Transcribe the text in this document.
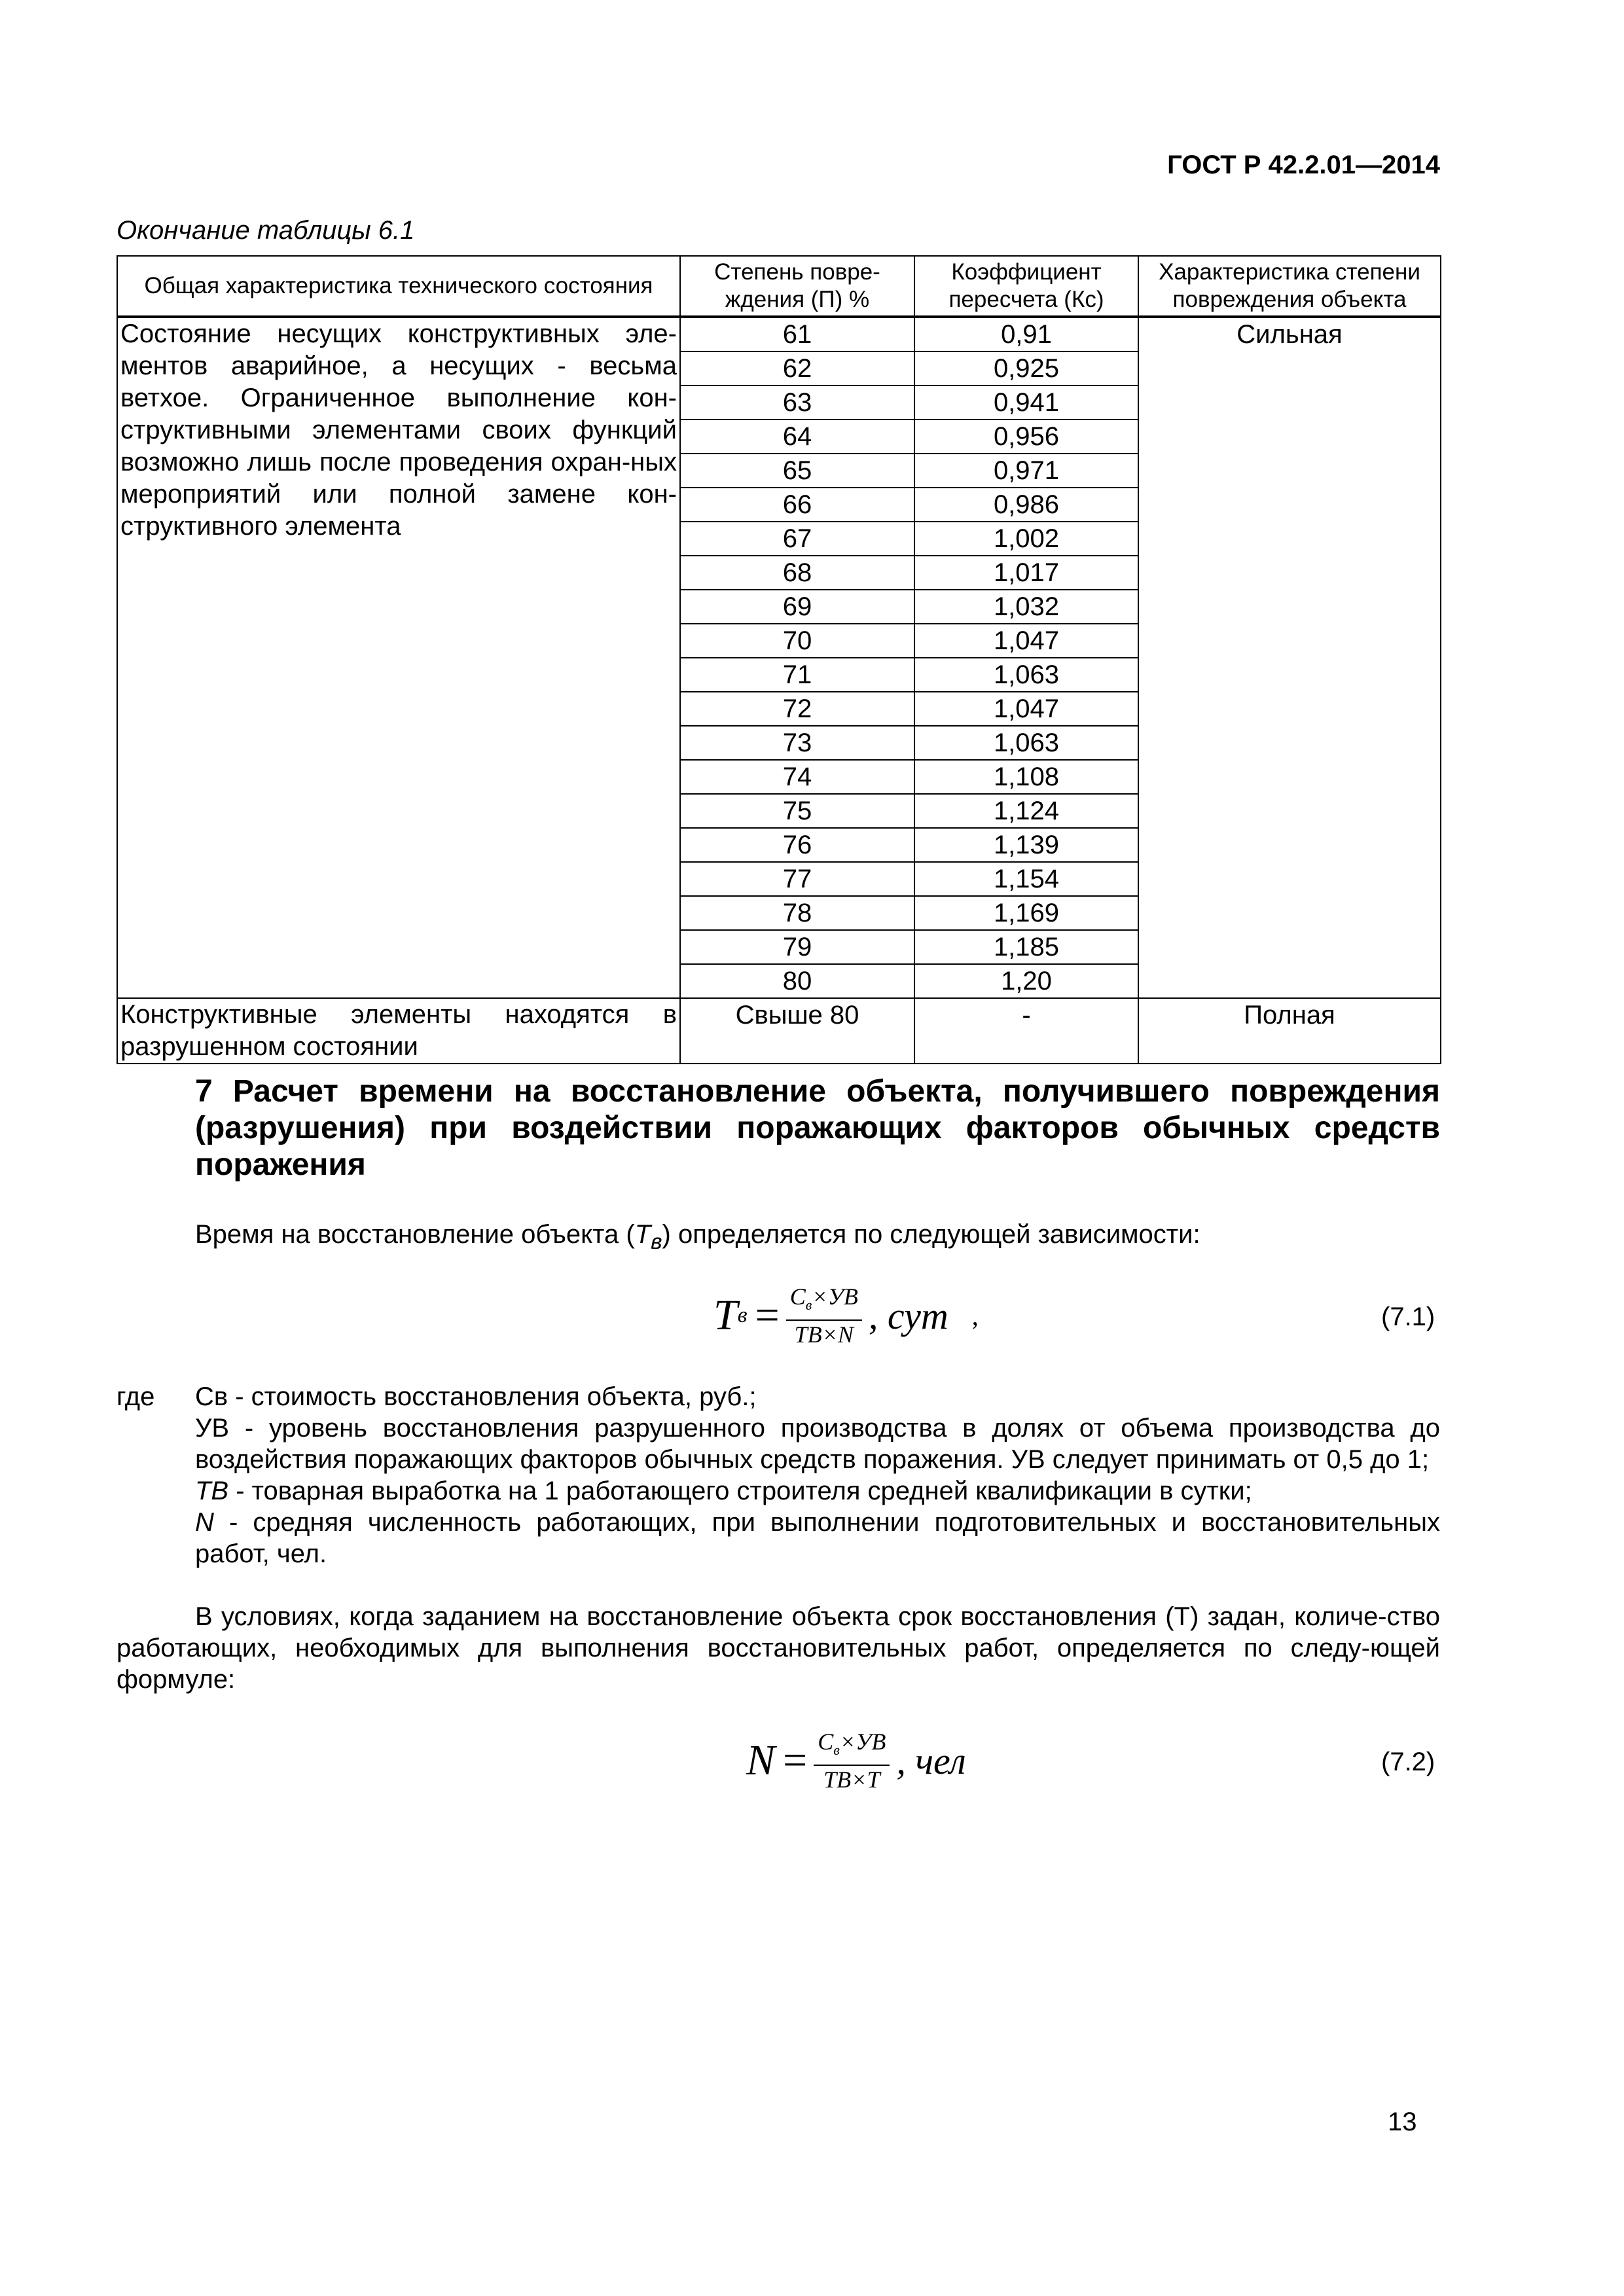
ГОСТ Р 42.2.01—2014
Окончание таблицы 6.1
Общая характеристика технического состояния	Степень повре-ждения (П) %	Коэффициент пересчета (Кс)	Характеристика степени повреждения объекта
Состояние несущих конструктивных эле-ментов аварийное, а несущих - весьма ветхое. Ограниченное выполнение кон-структивными элементами своих функций возможно лишь после проведения охран-ных мероприятий или полной замене кон-структивного элемента	61	0,91	Сильная
	62	0,925	
	63	0,941	
	64	0,956	
	65	0,971	
	66	0,986	
	67	1,002	
	68	1,017	
	69	1,032	
	70	1,047	
	71	1,063	
	72	1,047	
	73	1,063	
	74	1,108	
	75	1,124	
	76	1,139	
	77	1,154	
	78	1,169	
	79	1,185	
	80	1,20	
Конструктивные элементы находятся в разрушенном состоянии	Свыше 80	-	Полная
7 Расчет времени на восстановление объекта, получившего повреждения (разрушения) при воздействии поражающих факторов обычных средств поражения
Время на восстановление объекта $(Т_в)$ определяется по следующей зависимости:
Т $в = \frac{С_в\times УВ}{ТВ\times N}$ , сут ,	(7.1)
где Св - стоимость восстановления объекта, руб.;
УВ - уровень восстановления разрушенного производства в долях от объема производства до воздействия поражающих факторов обычных средств поражения. УВ следует принимать от 0,5 до 1;
ТВ - товарная выработка на 1 работающего строителя средней квалификации в сутки;
N - средняя численность работающих, при выполнении подготовительных и восстановительных работ, чел.
В условиях, когда заданием на восстановление объекта срок восстановления (Т) задан, количе-ство работающих, необходимых для выполнения восстановительных работ, определяется по следу-ющей формуле:
$N = \frac{С_в\times УВ}{ТВ\times Т}$ , чел	(7.2)
13
